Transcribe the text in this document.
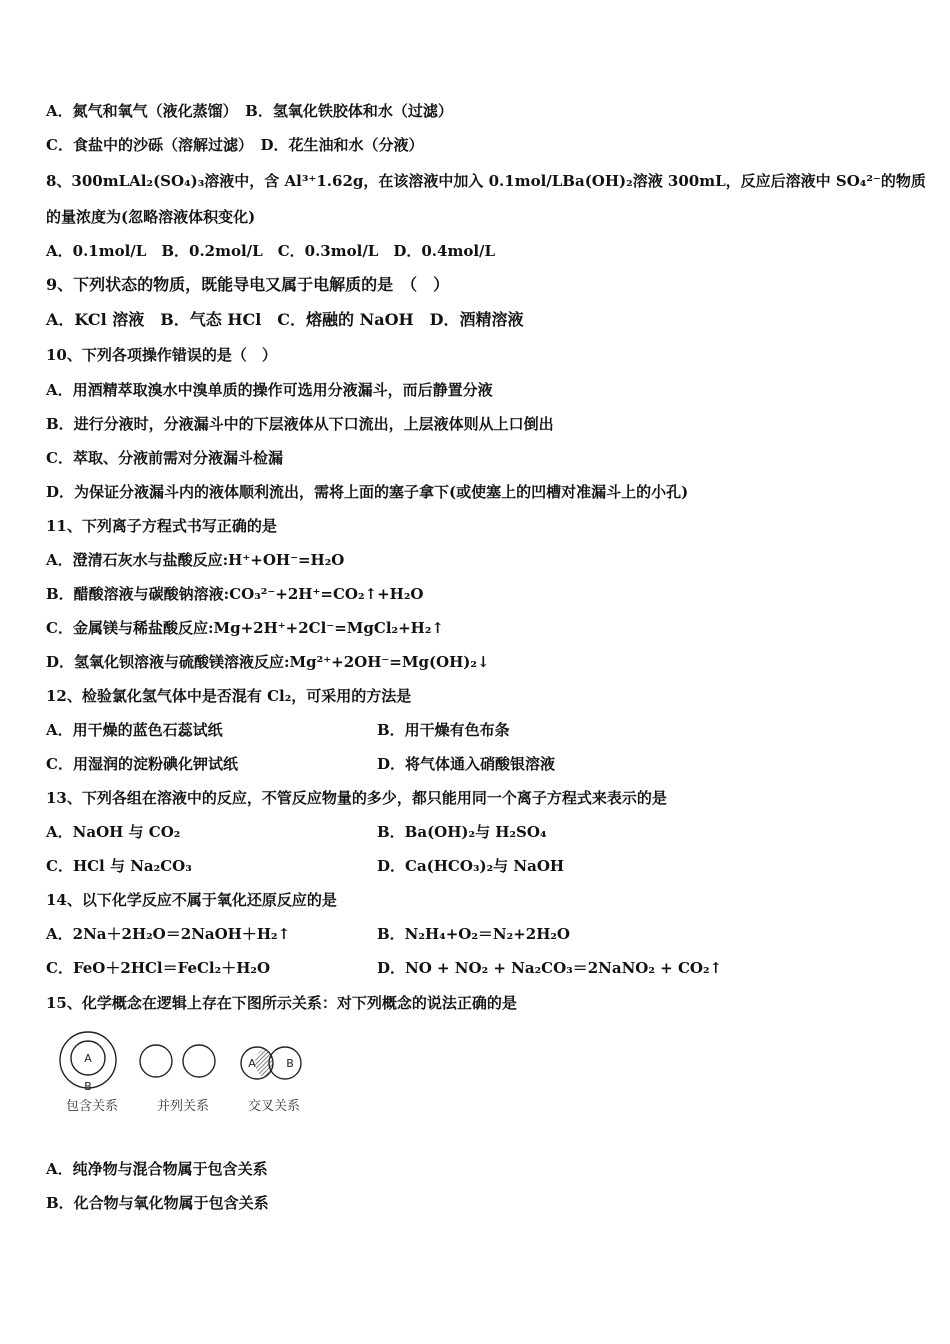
A．氮气和氧气（液化蒸馏）　B．氢氧化铁胶体和水（过滤）
C．食盐中的沙砾（溶解过滤）　D．花生油和水（分液）
8、300mLAl₂(SO₄)₃溶液中，含 Al³⁺1.62g，在该溶液中加入 0.1mol/LBa(OH)₂溶液 300mL，反应后溶液中 SO₄²⁻的物质
的量浓度为(忽略溶液体积变化)
A．0.1mol/L　B．0.2mol/L　C．0.3mol/L　D．0.4mol/L
9、下列状态的物质，既能导电又属于电解质的是　（　）
A．KCl 溶液　B．气态 HCl　C．熔融的 NaOH　D．酒精溶液
10、下列各项操作错误的是（　）
A．用酒精萃取溴水中溴单质的操作可选用分液漏斗，而后静置分液
B．进行分液时，分液漏斗中的下层液体从下口流出，上层液体则从上口倒出
C．萃取、分液前需对分液漏斗检漏
D．为保证分液漏斗内的液体顺利流出，需将上面的塞子拿下(或使塞上的凹槽对准漏斗上的小孔)
11、下列离子方程式书写正确的是
A．澄清石灰水与盐酸反应:H⁺+OH⁻=H₂O
B．醋酸溶液与碳酸钠溶液:CO₃²⁻+2H⁺=CO₂↑+H₂O
C．金属镁与稀盐酸反应:Mg+2H⁺+2Cl⁻=MgCl₂+H₂↑
D．氢氧化钡溶液与硫酸镁溶液反应:Mg²⁺+2OH⁻=Mg(OH)₂↓
12、检验氯化氢气体中是否混有 Cl₂，可采用的方法是
A．用干燥的蓝色石蕊试纸	B．用干燥有色布条
C．用湿润的淀粉碘化钾试纸	D．将气体通入硝酸银溶液
13、下列各组在溶液中的反应，不管反应物量的多少，都只能用同一个离子方程式来表示的是
A．NaOH 与 CO₂	B．Ba(OH)₂与 H₂SO₄
C．HCl 与 Na₂CO₃	D．Ca(HCO₃)₂与 NaOH
14、以下化学反应不属于氧化还原反应的是
A．2Na＋2H₂O＝2NaOH＋H₂↑	B．N₂H₄+O₂＝N₂+2H₂O
C．FeO＋2HCl＝FeCl₂＋H₂O	D．NO + NO₂ + Na₂CO₃＝2NaNO₂ + CO₂↑
15、化学概念在逻辑上存在下图所示关系：对下列概念的说法正确的是
A
B
包含关系	并列关系
A	B
交叉关系
A．纯净物与混合物属于包含关系
B．化合物与氧化物属于包含关系
